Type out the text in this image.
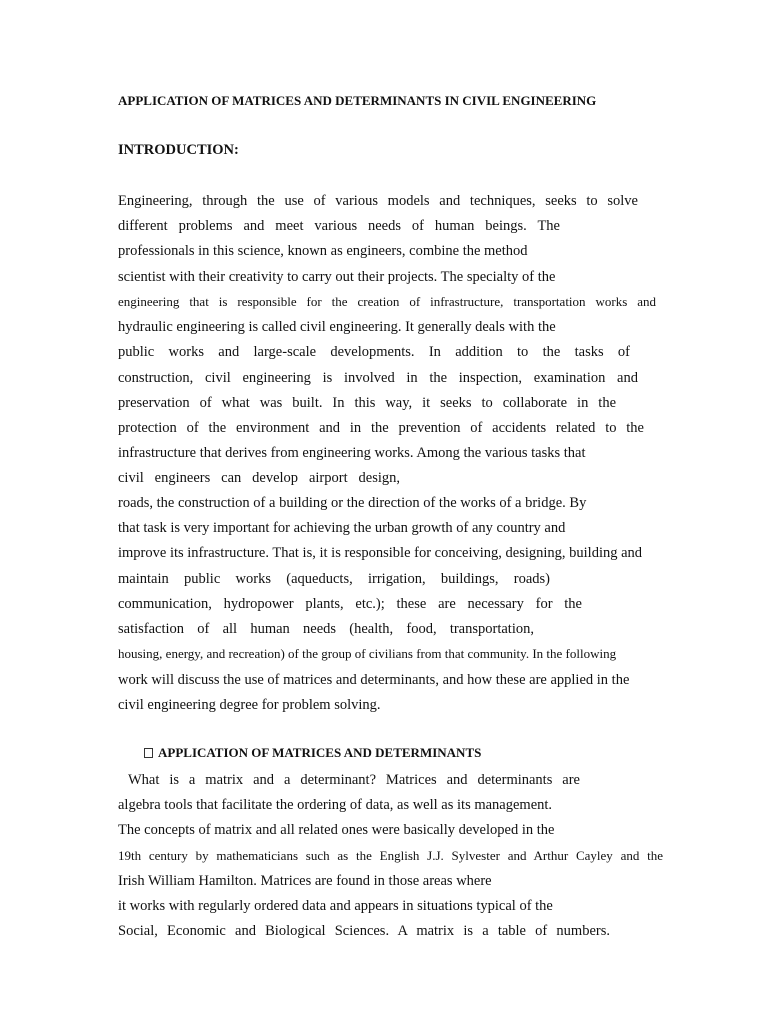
APPLICATION OF MATRICES AND DETERMINANTS IN CIVIL ENGINEERING
INTRODUCTION:
Engineering, through the use of various models and techniques, seeks to solve
different problems and meet various needs of human beings. The
professionals in this science, known as engineers, combine the method
scientist with their creativity to carry out their projects. The specialty of the
engineering that is responsible for the creation of infrastructure, transportation works and
hydraulic engineering is called civil engineering. It generally deals with the
public works and large-scale developments. In addition to the tasks of
construction, civil engineering is involved in the inspection, examination and
preservation of what was built. In this way, it seeks to collaborate in the
protection of the environment and in the prevention of accidents related to the
infrastructure that derives from engineering works. Among the various tasks that
civil engineers can develop airport design,
roads, the construction of a building or the direction of the works of a bridge. By
that task is very important for achieving the urban growth of any country and
improve its infrastructure. That is, it is responsible for conceiving, designing, building and
maintain public works (aqueducts, irrigation, buildings, roads)
communication, hydropower plants, etc.); these are necessary for the
satisfaction of all human needs (health, food, transportation,
housing, energy, and recreation) of the group of civilians from that community. In the following
work will discuss the use of matrices and determinants, and how these are applied in the
civil engineering degree for problem solving.
APPLICATION OF MATRICES AND DETERMINANTS
What is a matrix and a determinant? Matrices and determinants are
algebra tools that facilitate the ordering of data, as well as its management.
The concepts of matrix and all related ones were basically developed in the
19th century by mathematicians such as the English J.J. Sylvester and Arthur Cayley and the
Irish William Hamilton. Matrices are found in those areas where
it works with regularly ordered data and appears in situations typical of the
Social, Economic and Biological Sciences. A matrix is a table of numbers.
